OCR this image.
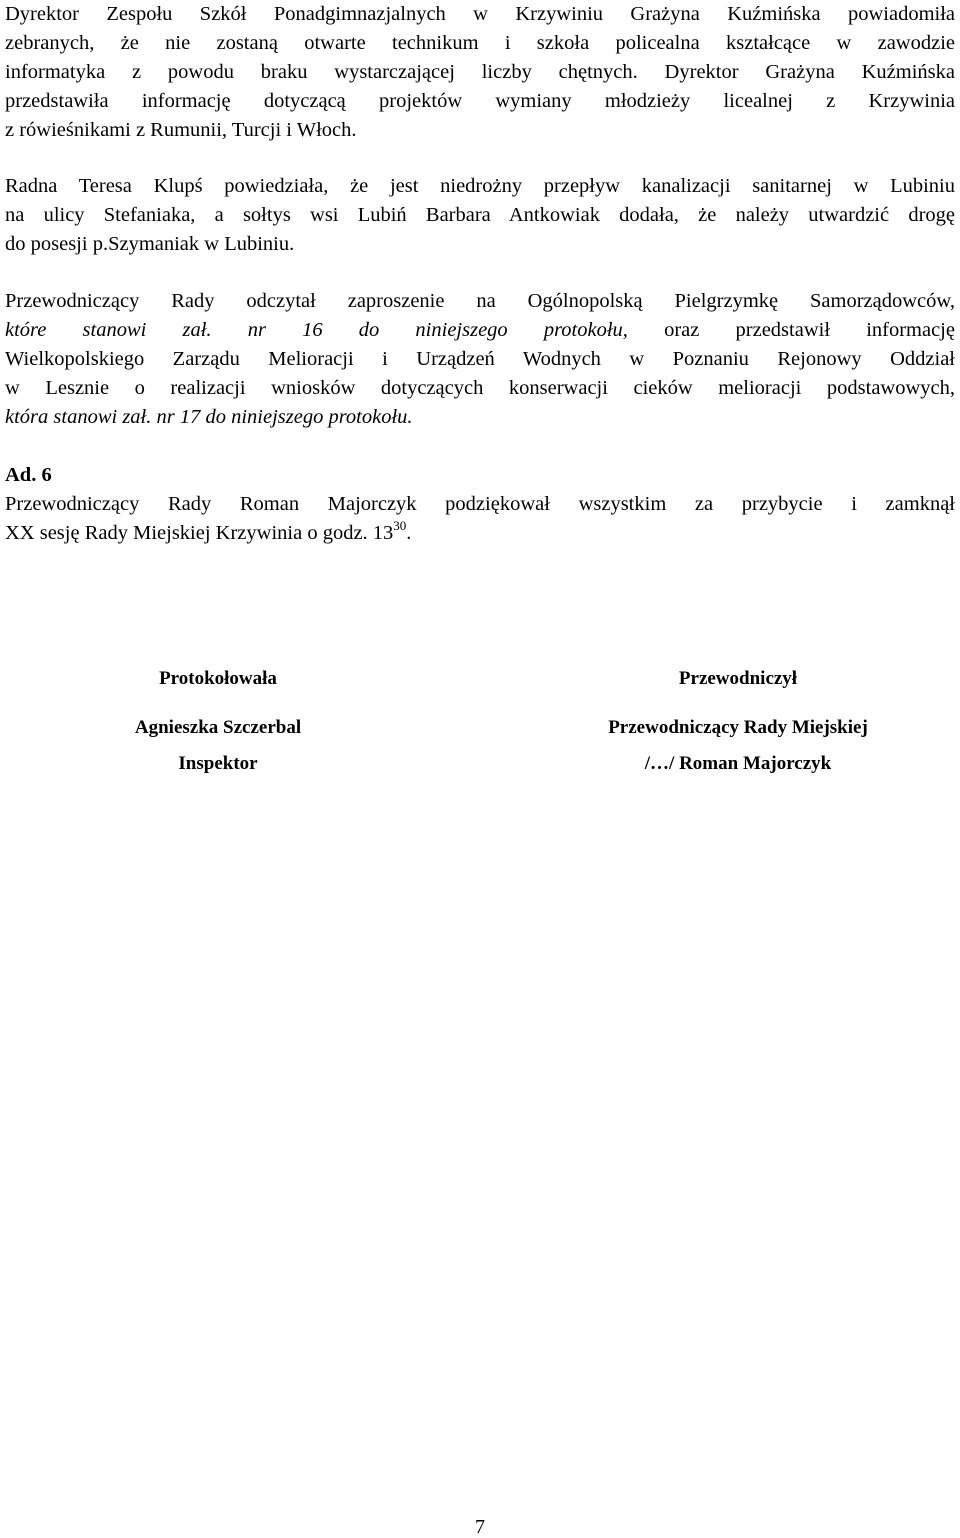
Dyrektor Zespołu Szkół Ponadgimnazjalnych w Krzywiniu Grażyna Kuźmińska powiadomiła
zebranych, że nie zostaną otwarte technikum i szkoła policealna kształcące w zawodzie
informatyka z powodu braku wystarczającej liczby chętnych. Dyrektor Grażyna Kuźmińska
przedstawiła informację dotyczącą projektów wymiany młodzieży licealnej z Krzywinia
z rówieśnikami z Rumunii, Turcji i Włoch.

Radna Teresa Klupś powiedziała, że jest niedrożny przepływ kanalizacji sanitarnej w Lubiniu
na ulicy Stefaniaka, a sołtys wsi Lubiń Barbara Antkowiak dodała, że należy utwardzić drogę
do posesji p.Szymaniak w Lubiniu.

Przewodniczący Rady odczytał zaproszenie na Ogólnopolską Pielgrzymkę Samorządowców,
które stanowi zał. nr 16 do niniejszego protokołu, oraz przedstawił informację
Wielkopolskiego Zarządu Melioracji i Urządzeń Wodnych w Poznaniu Rejonowy Oddział
w Lesznie o realizacji wniosków dotyczących konserwacji cieków melioracji podstawowych,
która stanowi zał. nr 17 do niniejszego protokołu.

Ad. 6
Przewodniczący Rady Roman Majorczyk podziękował wszystkim za przybycie i zamknął
XX sesję Rady Miejskiej Krzywinia o godz. $13^{30}$.

Protokołowała
Agnieszka Szczerbal
Inspektor
Przewodniczył
Przewodniczący Rady Miejskiej
/…/ Roman Majorczyk
7
